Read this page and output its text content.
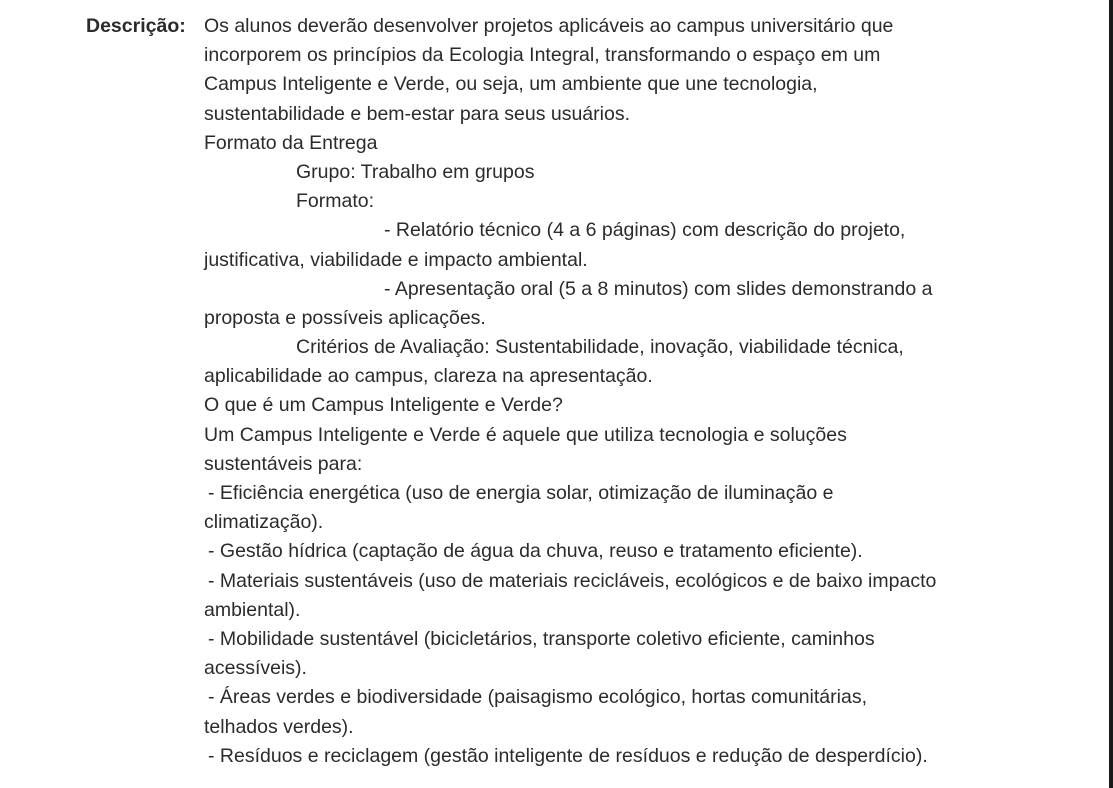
Descrição: Os alunos deverão desenvolver projetos aplicáveis ao campus universitário que
incorporem os princípios da Ecologia Integral, transformando o espaço em um
Campus Inteligente e Verde, ou seja, um ambiente que une tecnologia,
sustentabilidade e bem-estar para seus usuários.
Formato da Entrega
Grupo: Trabalho em grupos
Formato:
- Relatório técnico (4 a 6 páginas) com descrição do projeto,
justificativa, viabilidade e impacto ambiental.
- Apresentação oral (5 a 8 minutos) com slides demonstrando a
proposta e possíveis aplicações.
Critérios de Avaliação: Sustentabilidade, inovação, viabilidade técnica,
aplicabilidade ao campus, clareza na apresentação.
O que é um Campus Inteligente e Verde?
Um Campus Inteligente e Verde é aquele que utiliza tecnologia e soluções
sustentáveis para:
- Eficiência energética (uso de energia solar, otimização de iluminação e
climatização).
- Gestão hídrica (captação de água da chuva, reuso e tratamento eficiente).
- Materiais sustentáveis (uso de materiais recicláveis, ecológicos e de baixo impacto
ambiental).
- Mobilidade sustentável (bicicletários, transporte coletivo eficiente, caminhos
acessíveis).
- Áreas verdes e biodiversidade (paisagismo ecológico, hortas comunitárias,
telhados verdes).
- Resíduos e reciclagem (gestão inteligente de resíduos e redução de desperdício).
